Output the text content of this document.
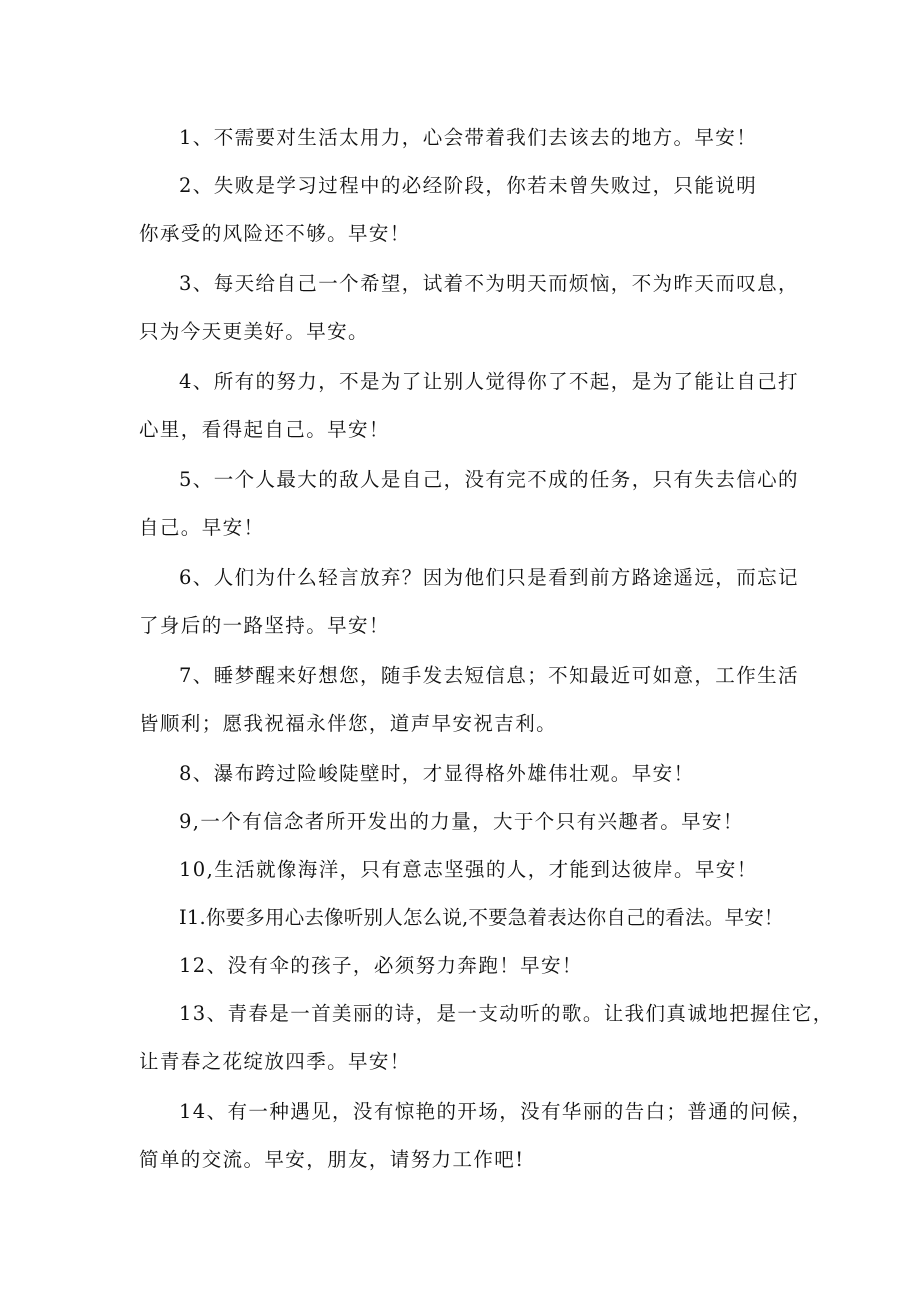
1、不需要对生活太用力，心会带着我们去该去的地方。早安！

2、失败是学习过程中的必经阶段，你若未曾失败过，只能说明
你承受的风险还不够。早安！

3、每天给自己一个希望，试着不为明天而烦恼，不为昨天而叹息，
只为今天更美好。早安。

4、所有的努力，不是为了让别人觉得你了不起，是为了能让自己打
心里，看得起自己。早安！

5、一个人最大的敌人是自己，没有完不成的任务，只有失去信心的
自己。早安！

6、人们为什么轻言放弃？因为他们只是看到前方路途遥远，而忘记
了身后的一路坚持。早安！

7、睡梦醒来好想您，随手发去短信息；不知最近可如意，工作生活
皆顺利；愿我祝福永伴您，道声早安祝吉利。

8、瀑布跨过险峻陡壁时，才显得格外雄伟壮观。早安！

9,一个有信念者所开发出的力量，大于个只有兴趣者。早安！

10,生活就像海洋，只有意志坚强的人，才能到达彼岸。早安！

I1.你要多用心去像听别人怎么说,不要急着表达你自己的看法。早安！

12、没有伞的孩子，必须努力奔跑！早安！

13、青春是一首美丽的诗，是一支动听的歌。让我们真诚地把握住它，
让青春之花绽放四季。早安！

14、有一种遇见，没有惊艳的开场，没有华丽的告白；普通的问候，
简单的交流。早安，朋友，请努力工作吧!
